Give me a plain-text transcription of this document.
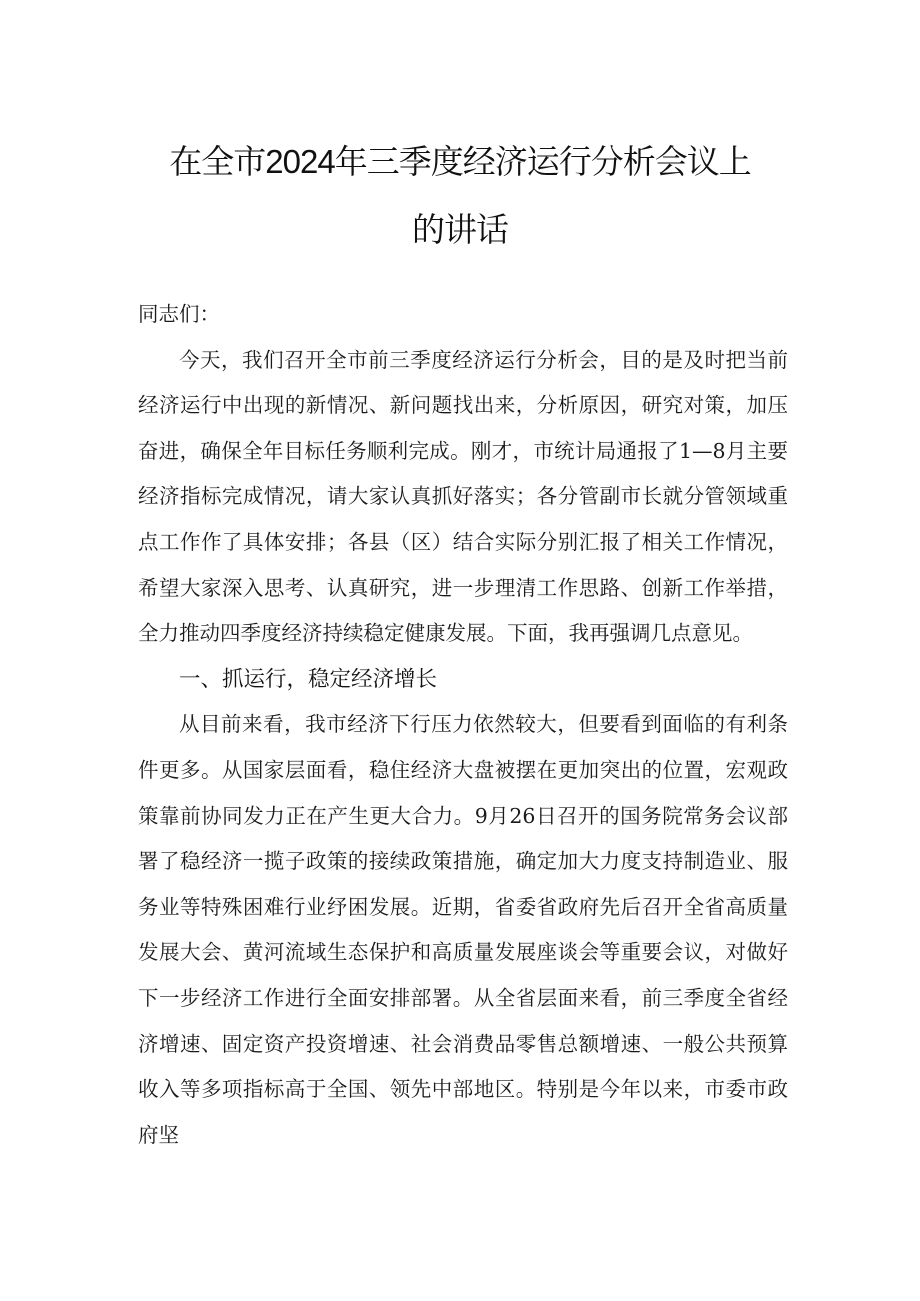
在全市2024年三季度经济运行分析会议上
的讲话

同志们：

今天，我们召开全市前三季度经济运行分析会，目的是及时把当前经济运行中出现的新情况、新问题找出来，分析原因，研究对策，加压奋进，确保全年目标任务顺利完成。刚才，市统计局通报了1—8月主要经济指标完成情况，请大家认真抓好落实；各分管副市长就分管领域重点工作作了具体安排；各县（区）结合实际分别汇报了相关工作情况，希望大家深入思考、认真研究，进一步理清工作思路、创新工作举措，全力推动四季度经济持续稳定健康发展。下面，我再强调几点意见。

一、抓运行，稳定经济增长

从目前来看，我市经济下行压力依然较大，但要看到面临的有利条件更多。从国家层面看，稳住经济大盘被摆在更加突出的位置，宏观政策靠前协同发力正在产生更大合力。9月26日召开的国务院常务会议部署了稳经济一揽子政策的接续政策措施，确定加大力度支持制造业、服务业等特殊困难行业纾困发展。近期，省委省政府先后召开全省高质量发展大会、黄河流域生态保护和高质量发展座谈会等重要会议，对做好下一步经济工作进行全面安排部署。从全省层面来看，前三季度全省经济增速、固定资产投资增速、社会消费品零售总额增速、一般公共预算收入等多项指标高于全国、领先中部地区。特别是今年以来，市委市政府坚
